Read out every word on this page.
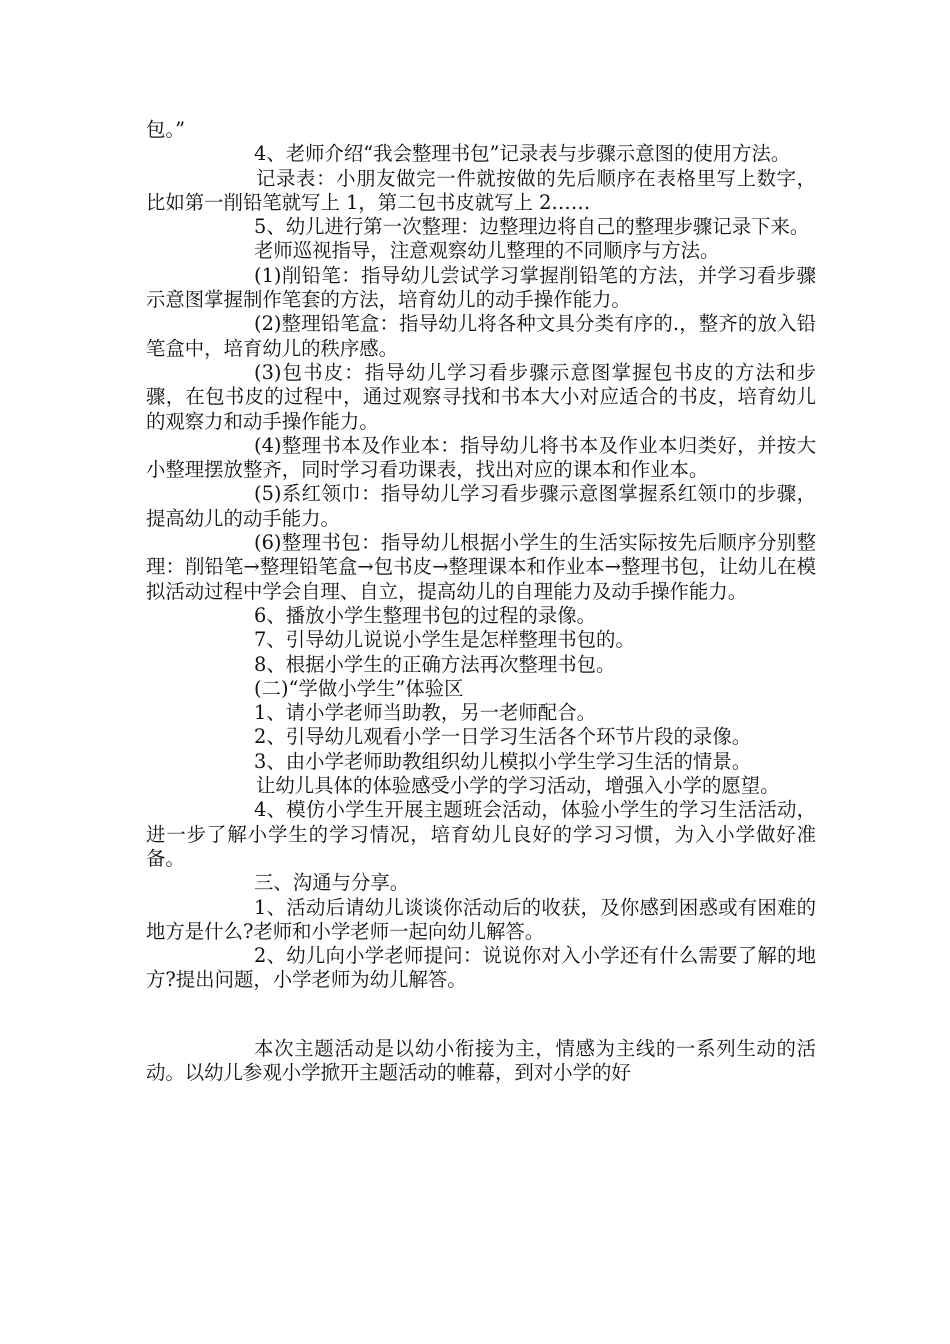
包。”

4、老师介绍“我会整理书包”记录表与步骤示意图的使用方法。

记录表：小朋友做完一件就按做的先后顺序在表格里写上数字，比如第一削铅笔就写上 1，第二包书皮就写上 2……

5、幼儿进行第一次整理：边整理边将自己的整理步骤记录下来。

老师巡视指导，注意观察幼儿整理的不同顺序与方法。

(1)削铅笔：指导幼儿尝试学习掌握削铅笔的方法，并学习看步骤示意图掌握制作笔套的方法，培育幼儿的动手操作能力。

(2)整理铅笔盒：指导幼儿将各种文具分类有序的.，整齐的放入铅笔盒中，培育幼儿的秩序感。

(3)包书皮：指导幼儿学习看步骤示意图掌握包书皮的方法和步骤，在包书皮的过程中，通过观察寻找和书本大小对应适合的书皮，培育幼儿的观察力和动手操作能力。

(4)整理书本及作业本：指导幼儿将书本及作业本归类好，并按大小整理摆放整齐，同时学习看功课表，找出对应的课本和作业本。

(5)系红领巾：指导幼儿学习看步骤示意图掌握系红领巾的步骤，提高幼儿的动手能力。

(6)整理书包：指导幼儿根据小学生的生活实际按先后顺序分别整理：削铅笔→整理铅笔盒→包书皮→整理课本和作业本→整理书包，让幼儿在模拟活动过程中学会自理、自立，提高幼儿的自理能力及动手操作能力。

6、播放小学生整理书包的过程的录像。

7、引导幼儿说说小学生是怎样整理书包的。

8、根据小学生的正确方法再次整理书包。

(二)“学做小学生”体验区

1、请小学老师当助教，另一老师配合。

2、引导幼儿观看小学一日学习生活各个环节片段的录像。

3、由小学老师助教组织幼儿模拟小学生学习生活的情景。

让幼儿具体的体验感受小学的学习活动，增强入小学的愿望。

4、模仿小学生开展主题班会活动，体验小学生的学习生活活动，进一步了解小学生的学习情况，培育幼儿良好的学习习惯，为入小学做好准备。

三、沟通与分享。

1、活动后请幼儿谈谈你活动后的收获，及你感到困惑或有困难的地方是什么?老师和小学老师一起向幼儿解答。

2、幼儿向小学老师提问：说说你对入小学还有什么需要了解的地方?提出问题，小学老师为幼儿解答。

本次主题活动是以幼小衔接为主，情感为主线的一系列生动的活动。以幼儿参观小学掀开主题活动的帷幕，到对小学的好
